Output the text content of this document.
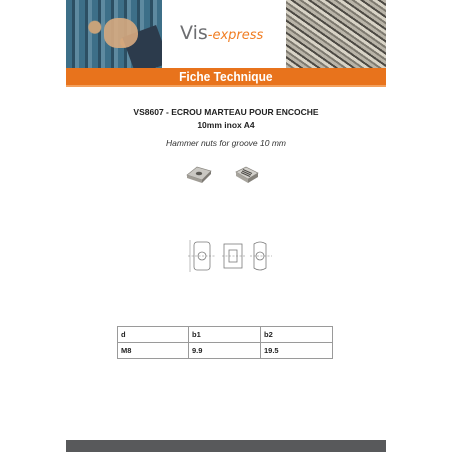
Vis-express
Fiche Technique
VS8607 - ECROU MARTEAU POUR ENCOCHE
10mm inox A4
Hammer nuts for groove 10 mm
d	b1	b2
M8	9.9	19.5
